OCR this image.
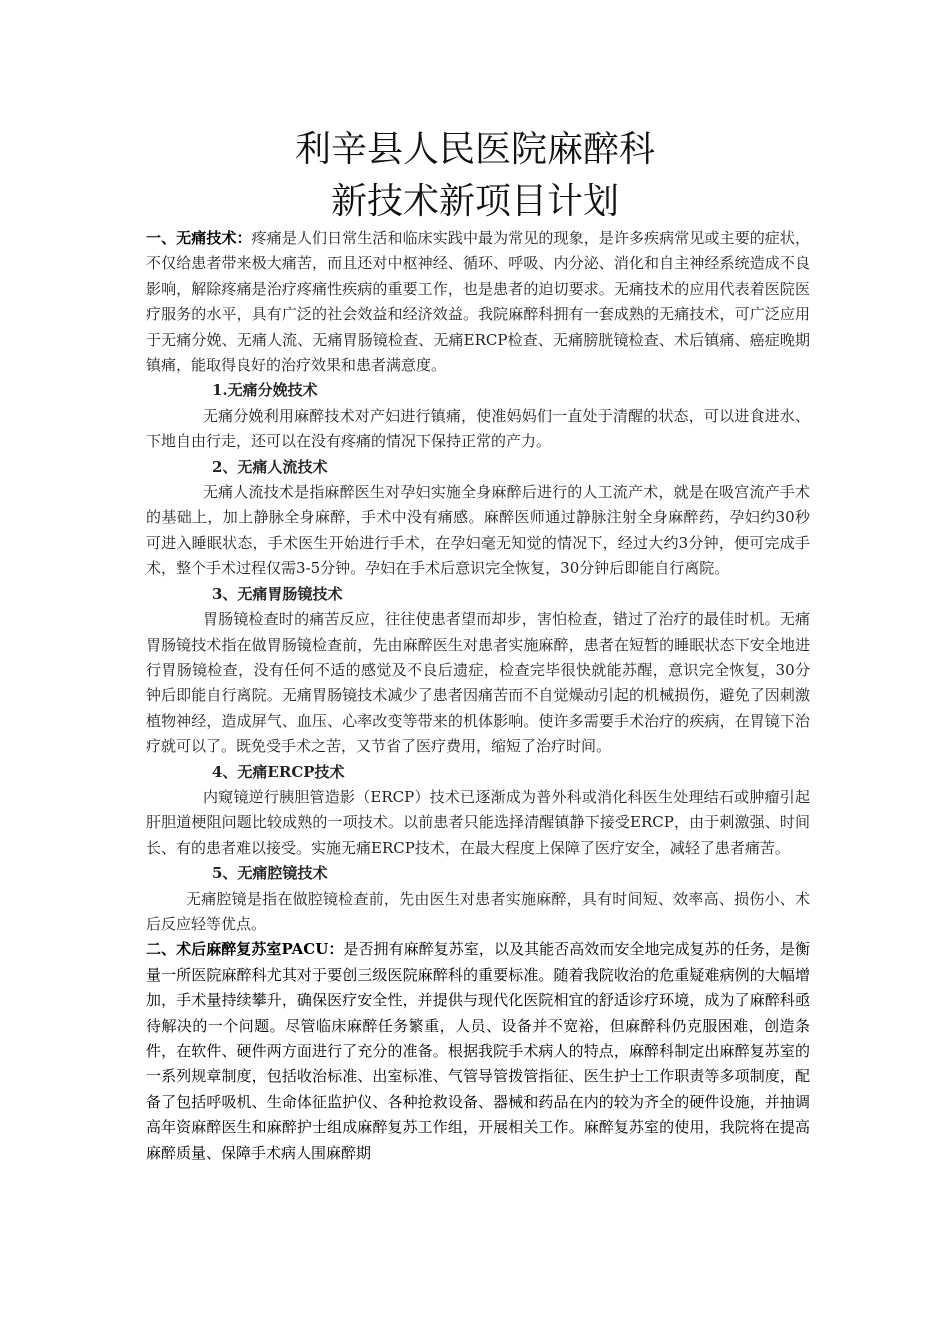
利辛县人民医院麻醉科
新技术新项目计划

一、无痛技术：疼痛是人们日常生活和临床实践中最为常见的现象，是许多疾病常见或主要的症状，不仅给患者带来极大痛苦，而且还对中枢神经、循环、呼吸、内分泌、消化和自主神经系统造成不良影响，解除疼痛是治疗疼痛性疾病的重要工作，也是患者的迫切要求。无痛技术的应用代表着医院医疗服务的水平，具有广泛的社会效益和经济效益。我院麻醉科拥有一套成熟的无痛技术，可广泛应用于无痛分娩、无痛人流、无痛胃肠镜检查、无痛ERCP检查、无痛膀胱镜检查、术后镇痛、癌症晚期镇痛，能取得良好的治疗效果和患者满意度。

1.无痛分娩技术

无痛分娩利用麻醉技术对产妇进行镇痛，使准妈妈们一直处于清醒的状态，可以进食进水、下地自由行走，还可以在没有疼痛的情况下保持正常的产力。

2、无痛人流技术

无痛人流技术是指麻醉医生对孕妇实施全身麻醉后进行的人工流产术，就是在吸宫流产手术的基础上，加上静脉全身麻醉，手术中没有痛感。麻醉医师通过静脉注射全身麻醉药，孕妇约30秒可进入睡眠状态，手术医生开始进行手术，在孕妇毫无知觉的情况下，经过大约3分钟，便可完成手术，整个手术过程仅需3-5分钟。孕妇在手术后意识完全恢复，30分钟后即能自行离院。

3、无痛胃肠镜技术

胃肠镜检查时的痛苦反应，往往使患者望而却步，害怕检查，错过了治疗的最佳时机。无痛胃肠镜技术指在做胃肠镜检查前，先由麻醉医生对患者实施麻醉，患者在短暂的睡眠状态下安全地进行胃肠镜检查，没有任何不适的感觉及不良后遗症，检查完毕很快就能苏醒，意识完全恢复，30分钟后即能自行离院。无痛胃肠镜技术减少了患者因痛苦而不自觉燥动引起的机械损伤，避免了因刺激植物神经，造成屏气、血压、心率改变等带来的机体影响。使许多需要手术治疗的疾病，在胃镜下治疗就可以了。既免受手术之苦，又节省了医疗费用，缩短了治疗时间。

4、无痛ERCP技术

内窥镜逆行胰胆管造影（ERCP）技术已逐渐成为普外科或消化科医生处理结石或肿瘤引起肝胆道梗阻问题比较成熟的一项技术。以前患者只能选择清醒镇静下接受ERCP，由于刺激强、时间长、有的患者难以接受。实施无痛ERCP技术，在最大程度上保障了医疗安全，减轻了患者痛苦。

5、无痛腔镜技术

无痛腔镜是指在做腔镜检查前，先由医生对患者实施麻醉，具有时间短、效率高、损伤小、术后反应轻等优点。

二、术后麻醉复苏室PACU：是否拥有麻醉复苏室，以及其能否高效而安全地完成复苏的任务，是衡量一所医院麻醉科尤其对于要创三级医院麻醉科的重要标准。随着我院收治的危重疑难病例的大幅增加，手术量持续攀升，确保医疗安全性，并提供与现代化医院相宜的舒适诊疗环境，成为了麻醉科亟待解决的一个问题。尽管临床麻醉任务繁重，人员、设备并不宽裕，但麻醉科仍克服困难，创造条件，在软件、硬件两方面进行了充分的准备。根据我院手术病人的特点，麻醉科制定出麻醉复苏室的一系列规章制度，包括收治标准、出室标准、气管导管拨管指征、医生护士工作职责等多项制度，配备了包括呼吸机、生命体征监护仪、各种抢救设备、器械和药品在内的较为齐全的硬件设施，并抽调高年资麻醉医生和麻醉护士组成麻醉复苏工作组，开展相关工作。麻醉复苏室的使用，我院将在提高麻醉质量、保障手术病人围麻醉期
